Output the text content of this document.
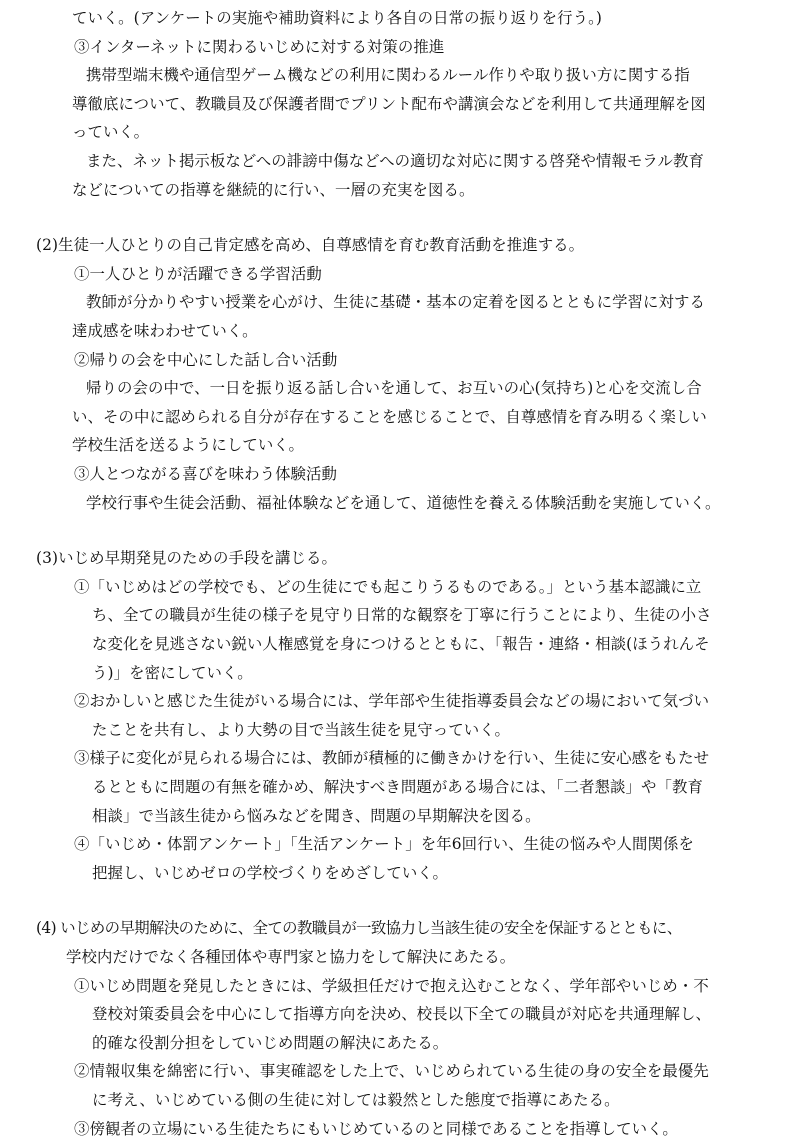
ていく。(アンケートの実施や補助資料により各自の日常の振り返りを行う。)
③インターネットに関わるいじめに対する対策の推進
携帯型端末機や通信型ゲーム機などの利用に関わるルール作りや取り扱い方に関する指
導徹底について、教職員及び保護者間でプリント配布や講演会などを利用して共通理解を図
っていく。
また、ネット掲示板などへの誹謗中傷などへの適切な対応に関する啓発や情報モラル教育
などについての指導を継続的に行い、一層の充実を図る。
(2)生徒一人ひとりの自己肯定感を高め、自尊感情を育む教育活動を推進する。
①一人ひとりが活躍できる学習活動
教師が分かりやすい授業を心がけ、生徒に基礎・基本の定着を図るとともに学習に対する
達成感を味わわせていく。
②帰りの会を中心にした話し合い活動
帰りの会の中で、一日を振り返る話し合いを通して、お互いの心(気持ち)と心を交流し合
い、その中に認められる自分が存在することを感じることで、自尊感情を育み明るく楽しい
学校生活を送るようにしていく。
③人とつながる喜びを味わう体験活動
学校行事や生徒会活動、福祉体験などを通して、道徳性を養える体験活動を実施していく。
(3)いじめ早期発見のための手段を講じる。
①「いじめはどの学校でも、どの生徒にでも起こりうるものである。」という基本認識に立
ち、全ての職員が生徒の様子を見守り日常的な観察を丁寧に行うことにより、生徒の小さ
な変化を見逃さない鋭い人権感覚を身につけるとともに、「報告・連絡・相談(ほうれんそ
う)」を密にしていく。
②おかしいと感じた生徒がいる場合には、学年部や生徒指導委員会などの場において気づい
たことを共有し、より大勢の目で当該生徒を見守っていく。
③様子に変化が見られる場合には、教師が積極的に働きかけを行い、生徒に安心感をもたせ
るとともに問題の有無を確かめ、解決すべき問題がある場合には、「二者懇談」や「教育
相談」で当該生徒から悩みなどを聞き、問題の早期解決を図る。
④「いじめ・体罰アンケート」「生活アンケート」を年6回行い、生徒の悩みや人間関係を
把握し、いじめゼロの学校づくりをめざしていく。
(4) いじめの早期解決のために、全ての教職員が一致協力し当該生徒の安全を保証するとともに、
学校内だけでなく各種団体や専門家と協力をして解決にあたる。
①いじめ問題を発見したときには、学級担任だけで抱え込むことなく、学年部やいじめ・不
登校対策委員会を中心にして指導方向を決め、校長以下全ての職員が対応を共通理解し、
的確な役割分担をしていじめ問題の解決にあたる。
②情報収集を綿密に行い、事実確認をした上で、いじめられている生徒の身の安全を最優先
に考え、いじめている側の生徒に対しては毅然とした態度で指導にあたる。
③傍観者の立場にいる生徒たちにもいじめているのと同様であることを指導していく。
